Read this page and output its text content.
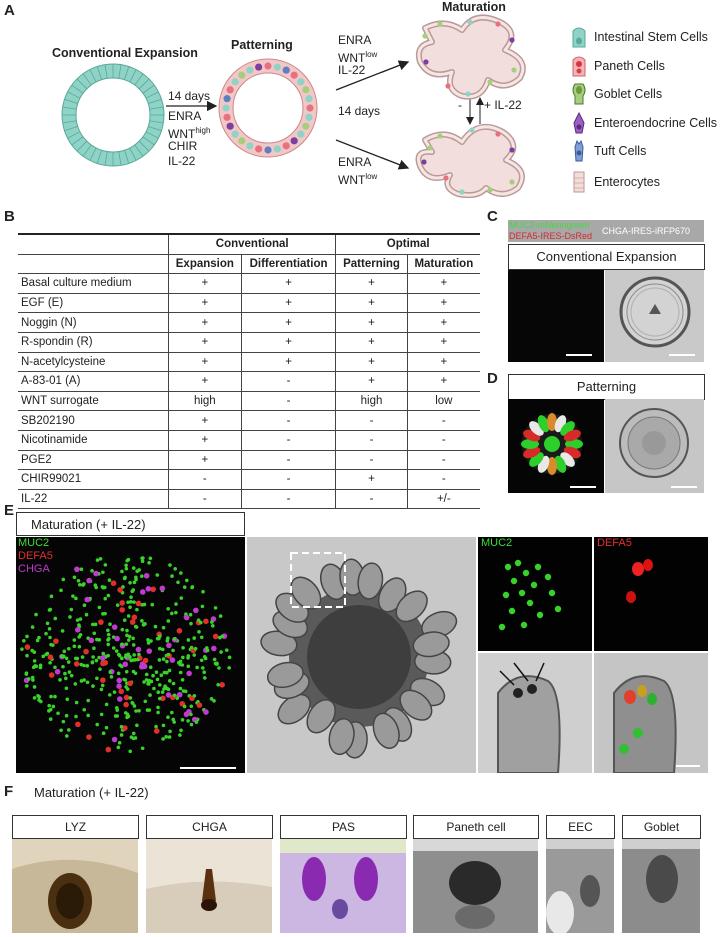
A
Conventional Expansion
Patterning
Maturation
14 days
ENRA
$WNT^{high}$
CHIR
IL-22
ENRA
$WNT^{low}$
IL-22
14 days	- + IL-22
ENRA
$WNT^{low}$
Intestinal Stem Cells
Paneth Cells
Goblet Cells
Enteroendocrine Cells
Tuft Cells
Enterocytes
B
	Conventional		Optimal	
	Expansion	Differentiation	Patterning	Maturation
Basal culture medium	+	+	+	+
EGF (E)	+	+	+	+
Noggin (N)	+	+	+	+
R-spondin (R)	+	+	+	+
N-acetylcysteine	+	+	+	+
A-83-01 (A)	+	-	+	+
WNT surrogate	high	-	high	low
SB202190	+	-	-	-
Nicotinamide	+	-	-	-
PGE2	+	-	-	-
CHIR99021	-	-	+	-
IL-22	-	-	-	+/-
C MUC2-mNeongreen
DEFA5-IRES-DsRed CHGA-IRES-iRFP670
Conventional Expansion
D	Patterning
E
Maturation (+ IL-22)
MUC2
DEFA5
CHGA
MUC2	DEFA5
F Maturation (+ IL-22)
LYZ	CHGA	PAS	Paneth cell	EEC	Goblet
